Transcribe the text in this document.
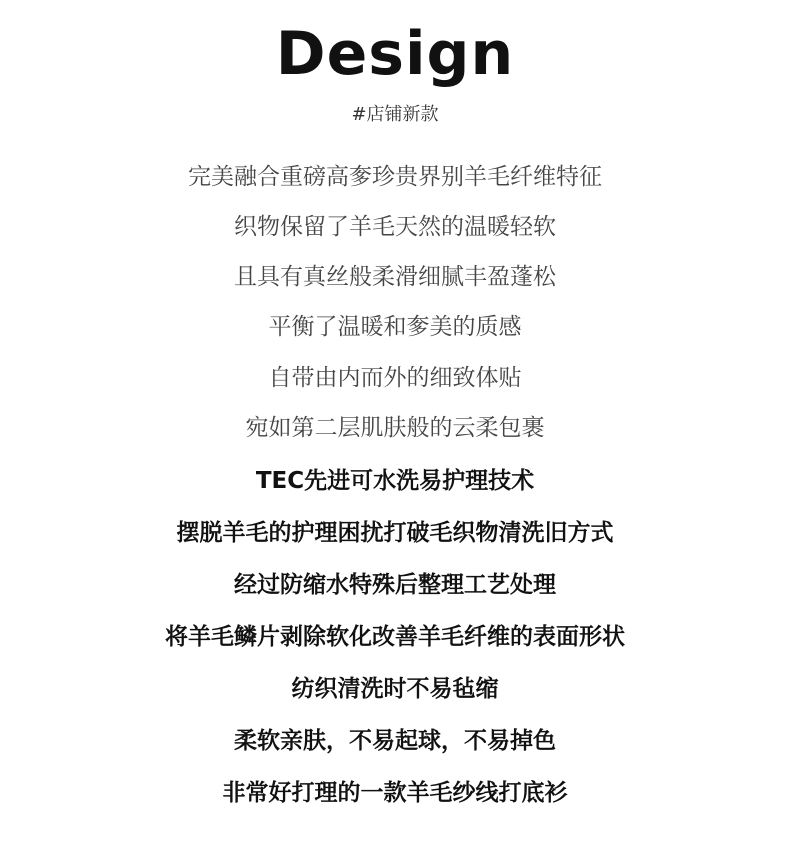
Design
#店铺新款
完美融合重磅高奓珍贵界别羊毛纤维特征
织物保留了羊毛天然的温暖轻软
且具有真丝般柔滑细腻丰盈蓬松
平衡了温暖和奓美的质感
自带由内而外的细致体贴
宛如第二层肌肤般的云柔包裹
TEC先进可水洗易护理技术
摆脱羊毛的护理困扰打破毛织物清洗旧方式
经过防缩水特殊后整理工艺处理
将羊毛鳞片剥除软化改善羊毛纤维的表面形状
纺织清洗时不易毡缩
柔软亲肤，不易起球，不易掉色
非常好打理的一款羊毛纱线打底衫
